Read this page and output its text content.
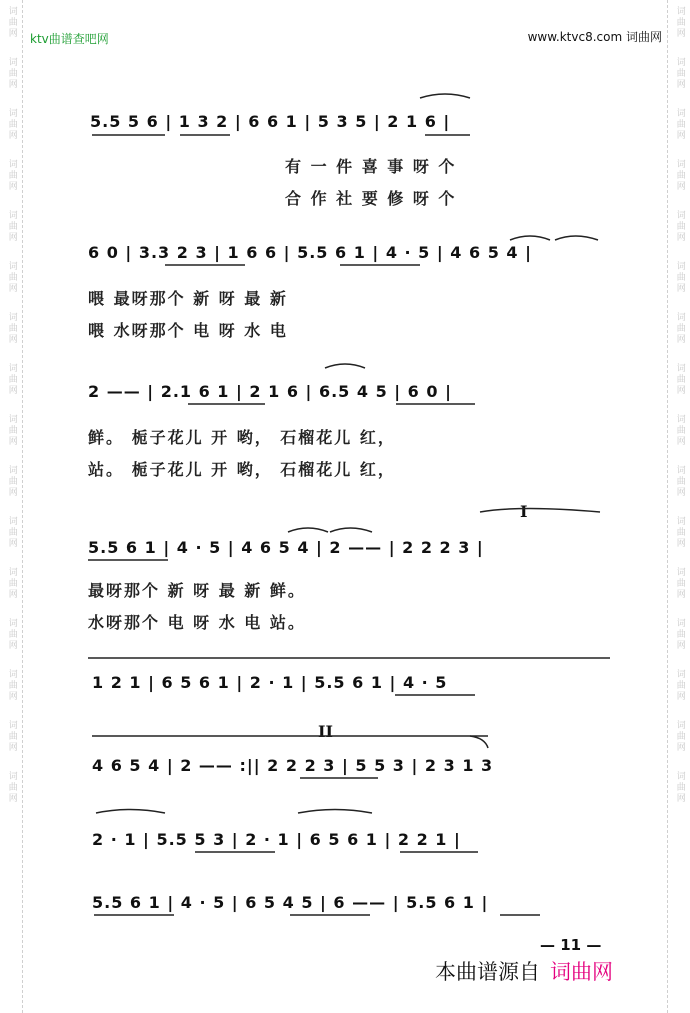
词曲网
词曲网
词曲网
词曲网
词曲网
词曲网
词曲网
词曲网
词曲网
词曲网
词曲网
词曲网
词曲网
词曲网
词曲网
词曲网
词曲网
词曲网
词曲网
词曲网
词曲网
词曲网
词曲网
词曲网
词曲网
词曲网
词曲网
词曲网
词曲网
词曲网
词曲网
词曲网
ktv曲谱查吧网	www.ktvc8.com 词曲网
5.5 5 6 | 1 3 2 | 6 6 1 | 5 3 5 | 2 1 6 |
有 一 件 喜 事 呀 个
合 作 社 要 修 呀 个
6 0 | 3.3 2 3 | 1 6 6 | 5.5 6 1 | 4 · 5 | 4 6 5 4 |
喂 最呀那个 新 呀 最 新
喂 水呀那个 电 呀 水 电
2 —— | 2.1 6 1 | 2 1 6 | 6.5 4 5 | 6 0 |
鲜。 栀子花儿 开 哟， 石榴花儿 红，
站。 栀子花儿 开 哟， 石榴花儿 红，
I
5.5 6 1 | 4 · 5 | 4 6 5 4 | 2 —— | 2 2 2 3 |
最呀那个 新 呀 最 新 鲜。
水呀那个 电 呀 水 电 站。
1 2 1 | 6 5 6 1 | 2 · 1 | 5.5 6 1 | 4 · 5
II
4 6 5 4 | 2 —— :|| 2 2 2 3 | 5 5 3 | 2 3 1 3
2 · 1 | 5.5 5 3 | 2 · 1 | 6 5 6 1 | 2 2 1 |
5.5 6 1 | 4 · 5 | 6 5 4 5 | 6 —— | 5.5 6 1 |
— 11 —
本曲谱源自 词曲网
